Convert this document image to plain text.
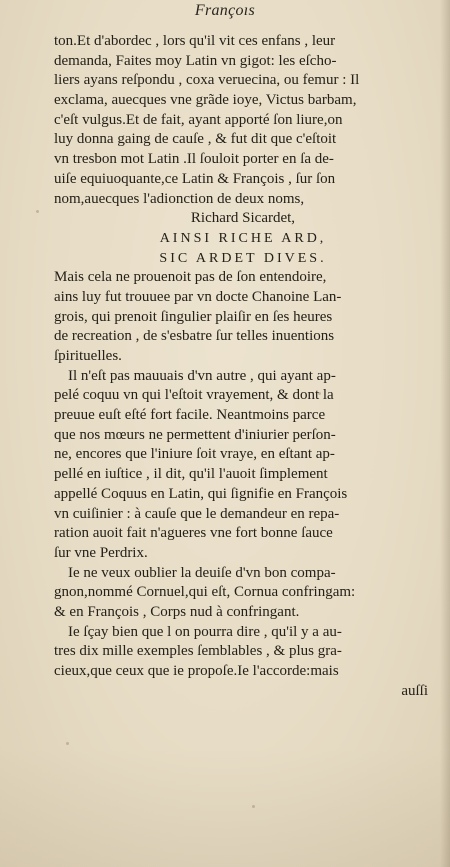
Françoıs
ton.Et d'abordec , lors qu'il vit ces enfans , leur
demanda, Faites moy Latin vn gigot: les eſcho-
liers ayans reſpondu , coxa veruecina, ou femur : Il
exclama, auecques vne grãde ioye, Victus barbam,
c'eſt vulgus.Et de fait, ayant apporté ſon liure,on
luy donna gaing de cauſe , & fut dit que c'eſtoit
vn tresbon mot Latin .Il ſouloit porter en ſa de-
uiſe equiuoquante,ce Latin & François , ſur ſon
nom,auecques l'adionction de deux noms,
Richard Sicardet,
AINSI RICHE ARD,
SIC ARDET DIVES.
Mais cela ne prouenoit pas de ſon entendoire,
ains luy fut trouuee par vn docte Chanoine Lan-
grois, qui prenoit ſingulier plaiſir en ſes heures
de recreation , de s'esbatre ſur telles inuentions
ſpirituelles.
Il n'eſt pas mauuais d'vn autre , qui ayant ap-
pelé coquu vn qui l'eſtoit vrayement, & dont la
preuue euſt eſté fort facile. Neantmoins parce
que nos mœurs ne permettent d'iniurier perſon-
ne, encores que l'iniure ſoit vraye, en eſtant ap-
pellé en iuſtice , il dit, qu'il l'auoit ſimplement
appellé Coquus en Latin, qui ſignifie en François
vn cuiſinier : à cauſe que le demandeur en repa-
ration auoit fait n'agueres vne fort bonne ſauce
ſur vne Perdrix.
Ie ne veux oublier la deuiſe d'vn bon compa-
gnon,nommé Cornuel,qui eſt, Cornua confringam:
& en François , Corps nud à confringant.
Ie ſçay bien que l on pourra dire , qu'il y a au-
tres dix mille exemples ſemblables , & plus gra-
cieux,que ceux que ie propoſe.Ie l'accorde:mais
auſſi
